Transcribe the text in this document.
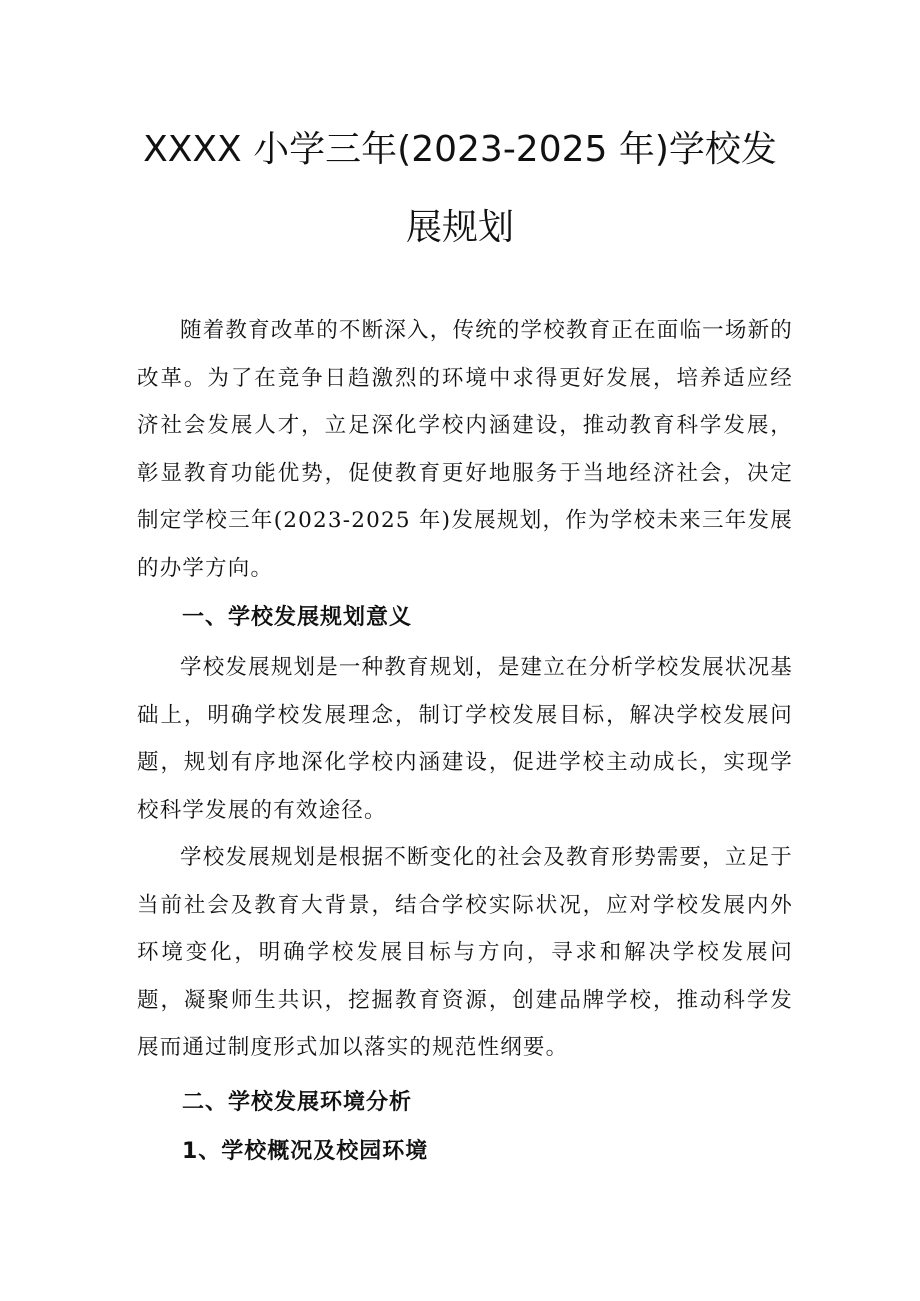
XXXX 小学三年(2023-2025 年)学校发
展规划

随着教育改革的不断深入，传统的学校教育正在面临一场新的改革。为了在竞争日趋激烈的环境中求得更好发展，培养适应经济社会发展人才，立足深化学校内涵建设，推动教育科学发展，彰显教育功能优势，促使教育更好地服务于当地经济社会，决定制定学校三年(2023-2025 年)发展规划，作为学校未来三年发展的办学方向。

一、学校发展规划意义

学校发展规划是一种教育规划，是建立在分析学校发展状况基础上，明确学校发展理念，制订学校发展目标，解决学校发展问题，规划有序地深化学校内涵建设，促进学校主动成长，实现学校科学发展的有效途径。

学校发展规划是根据不断变化的社会及教育形势需要，立足于当前社会及教育大背景，结合学校实际状况，应对学校发展内外环境变化，明确学校发展目标与方向，寻求和解决学校发展问题，凝聚师生共识，挖掘教育资源，创建品牌学校，推动科学发展而通过制度形式加以落实的规范性纲要。

二、学校发展环境分析
1、学校概况及校园环境
